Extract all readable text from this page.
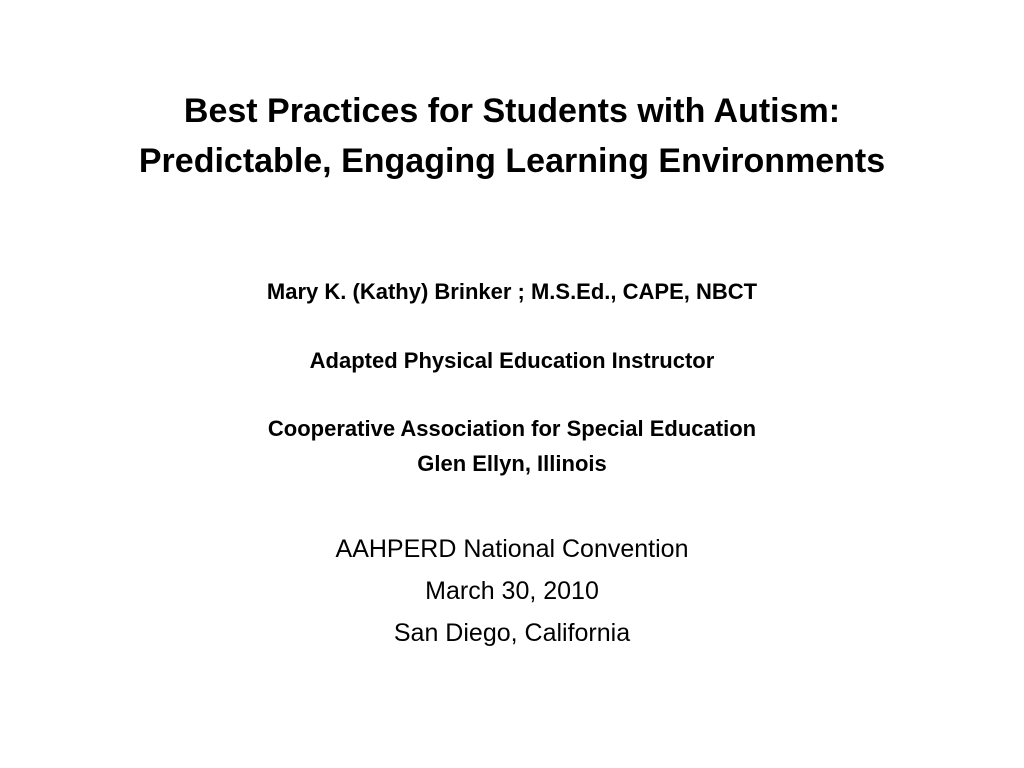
Best Practices for Students with Autism:
Predictable, Engaging Learning Environments
Mary K. (Kathy) Brinker ; M.S.Ed., CAPE, NBCT
Adapted Physical Education Instructor
Cooperative Association for Special Education
Glen Ellyn, Illinois
AAHPERD National Convention
March 30, 2010
San Diego, California
